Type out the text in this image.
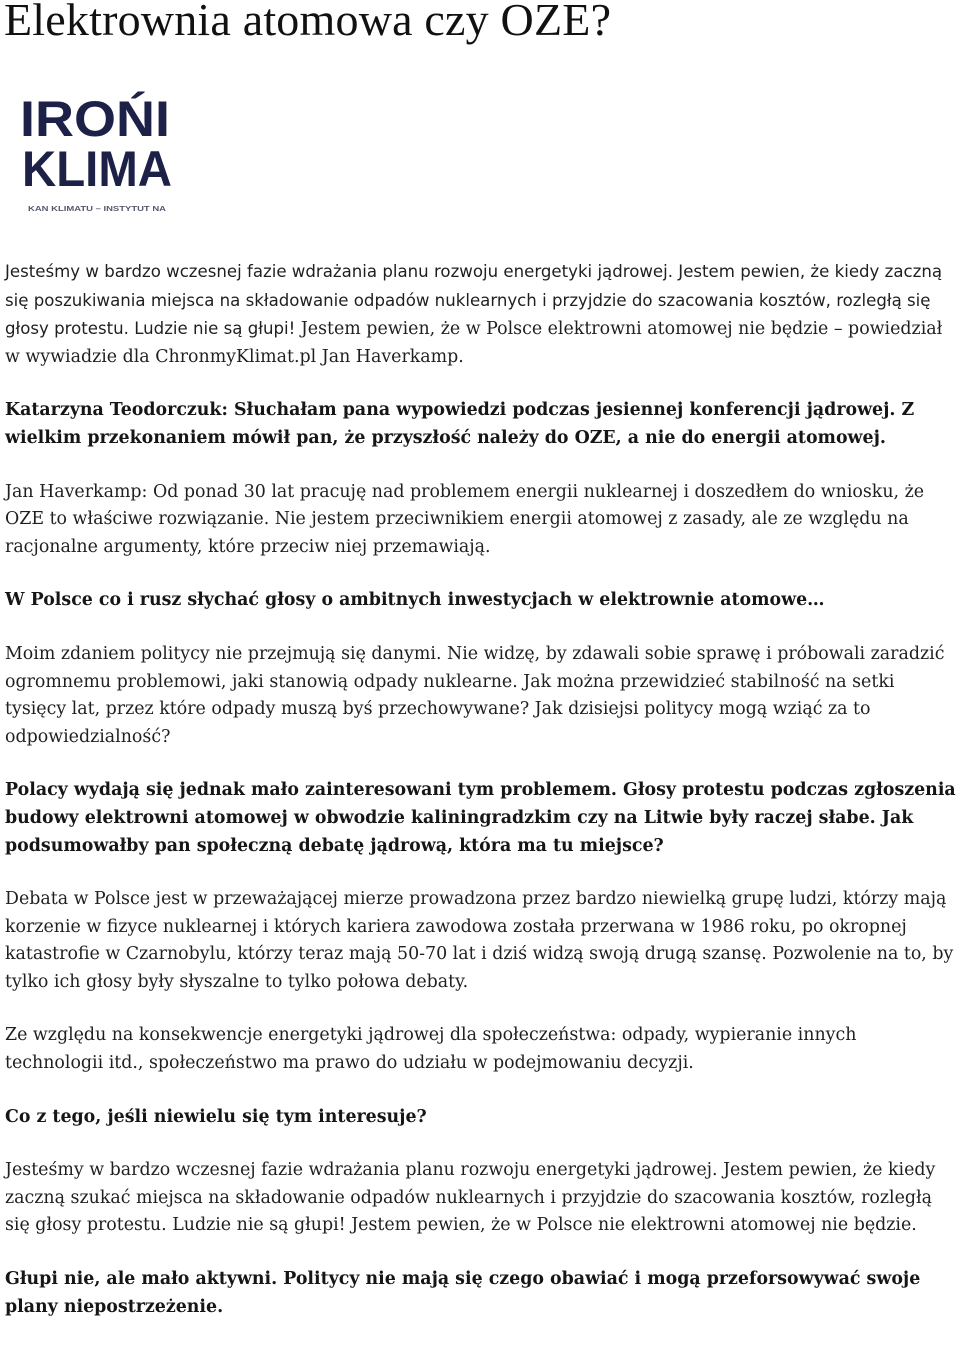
Elektrownia atomowa czy OZE?
IROŃI
KLIMA
KAN KLIMATU – INSTYTUT NA

Jesteśmy w bardzo wczesnej fazie wdrażania planu rozwoju energetyki jądrowej. Jestem pewien, że kiedy zaczną się poszukiwania miejsca na składowanie odpadów nuklearnych i przyjdzie do szacowania kosztów, rozległą się głosy protestu. Ludzie nie są głupi! Jestem pewien, że w Polsce elektrowni atomowej nie będzie – powiedział w wywiadzie dla ChronmyKlimat.pl Jan Haverkamp.

Katarzyna Teodorczuk: Słuchałam pana wypowiedzi podczas jesiennej konferencji jądrowej. Z wielkim przekonaniem mówił pan, że przyszłość należy do OZE, a nie do energii atomowej.

Jan Haverkamp: Od ponad 30 lat pracuję nad problemem energii nuklearnej i doszedłem do wniosku, że OZE to właściwe rozwiązanie. Nie jestem przeciwnikiem energii atomowej z zasady, ale ze względu na racjonalne argumenty, które przeciw niej przemawiają.

W Polsce co i rusz słychać głosy o ambitnych inwestycjach w elektrownie atomowe…

Moim zdaniem politycy nie przejmują się danymi. Nie widzę, by zdawali sobie sprawę i próbowali zaradzić ogromnemu problemowi, jaki stanowią odpady nuklearne. Jak można przewidzieć stabilność na setki tysięcy lat, przez które odpady muszą byś przechowywane? Jak dzisiejsi politycy mogą wziąć za to odpowiedzialność?

Polacy wydają się jednak mało zainteresowani tym problemem. Głosy protestu podczas zgłoszenia budowy elektrowni atomowej w obwodzie kaliningradzkim czy na Litwie były raczej słabe. Jak podsumowałby pan społeczną debatę jądrową, która ma tu miejsce?

Debata w Polsce jest w przeważającej mierze prowadzona przez bardzo niewielką grupę ludzi, którzy mają korzenie w fizyce nuklearnej i których kariera zawodowa została przerwana w 1986 roku, po okropnej katastrofie w Czarnobylu, którzy teraz mają 50-70 lat i dziś widzą swoją drugą szansę. Pozwolenie na to, by tylko ich głosy były słyszalne to tylko połowa debaty.

Ze względu na konsekwencje energetyki jądrowej dla społeczeństwa: odpady, wypieranie innych technologii itd., społeczeństwo ma prawo do udziału w podejmowaniu decyzji.

Co z tego, jeśli niewielu się tym interesuje?

Jesteśmy w bardzo wczesnej fazie wdrażania planu rozwoju energetyki jądrowej. Jestem pewien, że kiedy zaczną szukać miejsca na składowanie odpadów nuklearnych i przyjdzie do szacowania kosztów, rozległą się głosy protestu. Ludzie nie są głupi! Jestem pewien, że w Polsce nie elektrowni atomowej nie będzie.

Głupi nie, ale mało aktywni. Politycy nie mają się czego obawiać i mogą przeforsowywać swoje plany niepostrzeżenie.
